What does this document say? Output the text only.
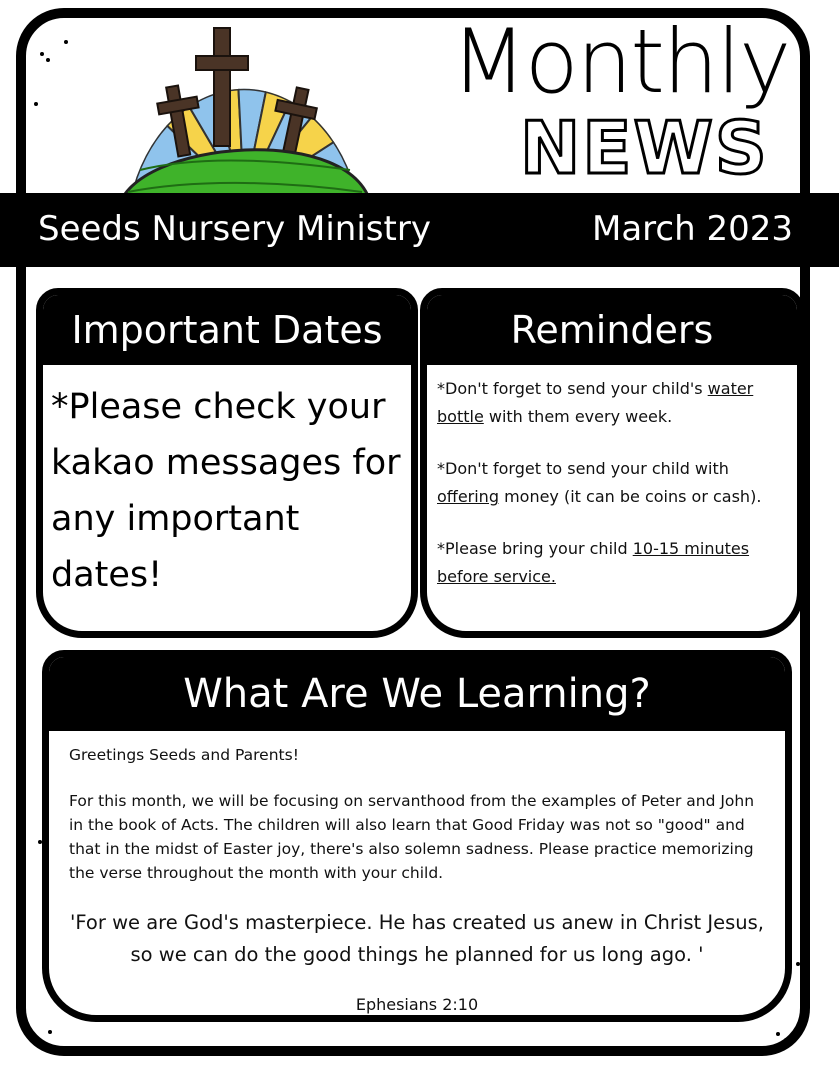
Monthly
NEWS
Seeds Nursery Ministry	March 2023
Important Dates
*Please check your kakao messages for any important dates!
Reminders
*Don't forget to send your child's water bottle with them every week.
*Don't forget to send your child with offering money (it can be coins or cash).
*Please bring your child 10-15 minutes before service.
What Are We Learning?

Greetings Seeds and Parents!

For this month, we will be focusing on servanthood from the examples of Peter and John in the book of Acts. The children will also learn that Good Friday was not so "good" and that in the midst of Easter joy, there's also solemn sadness. Please practice memorizing the verse throughout the month with your child.

'For we are God's masterpiece. He has created us anew in Christ Jesus, so we can do the good things he planned for us long ago. '
Ephesians 2:10
